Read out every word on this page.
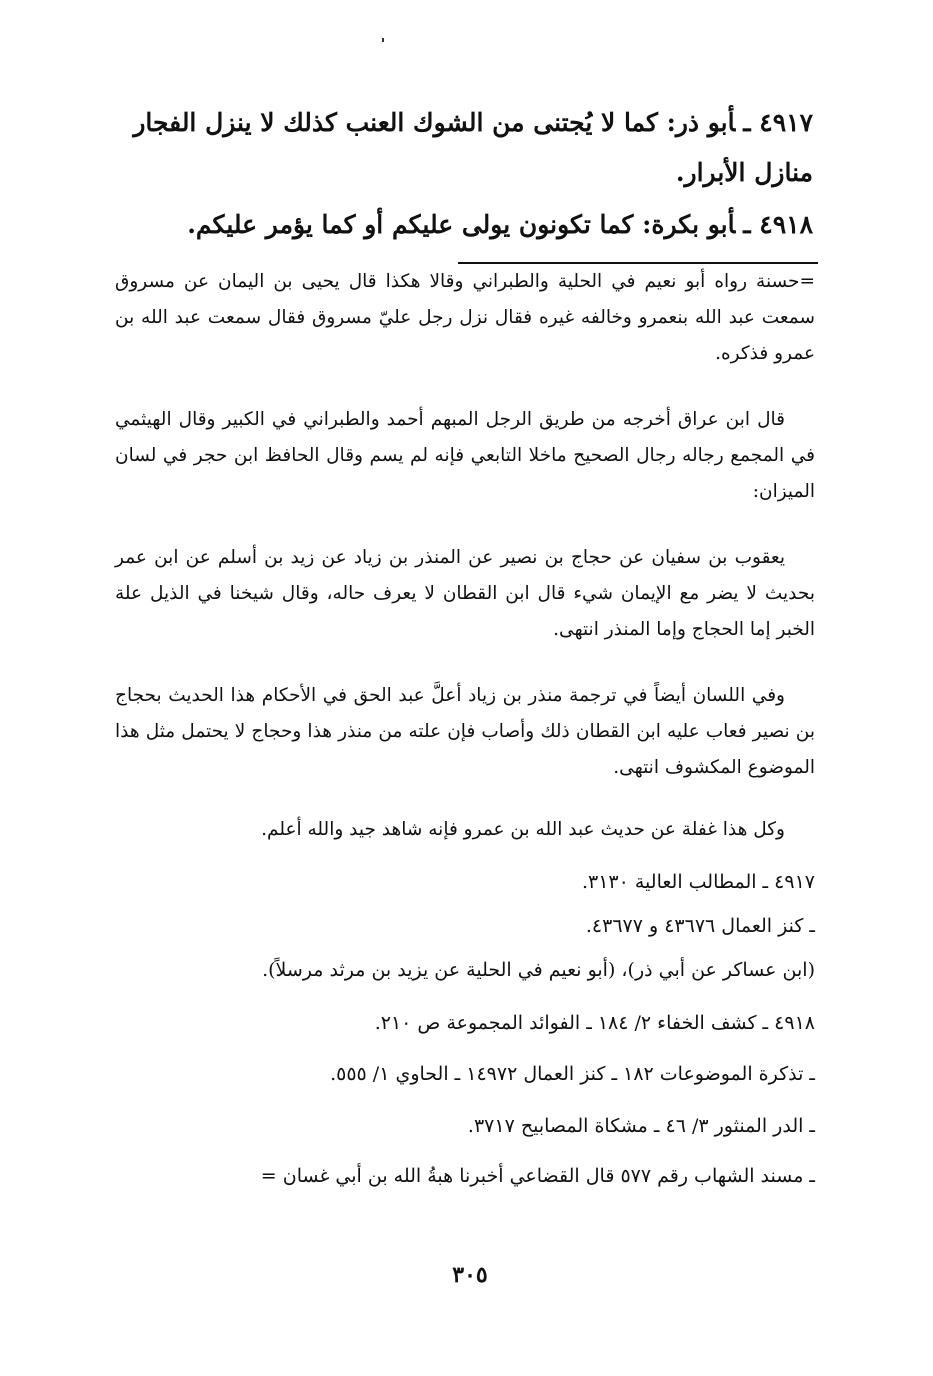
٤٩١٧ ـأبو ذر: كما لا يُجتنى من الشوك العنب كذلك لا ينزل الفجار منازل الأبرار.
٤٩١٨ ـأبو بكرة: كما تكونون يولى عليكم أو كما يؤمر عليكم.

=حسنة رواه أبو نعيم في الحلية والطبراني وقالا هكذا قال يحيى بن اليمان عن مسروق سمعت عبد الله بنعمرو وخالفه غيره فقال نزل رجل عليّ مسروق فقال سمعت عبد الله بن عمرو فذكره.

قال ابن عراق أخرجه من طريق الرجل المبهم أحمد والطبراني في الكبير وقال الهيثمي في المجمع رجاله رجال الصحيح ماخلا التابعي فإنه لم يسم وقال الحافظ ابن حجر في لسان الميزان:

يعقوب بن سفيان عن حجاج بن نصير عن المنذر بن زياد عن زيد بن أسلم عن ابن عمر بحديث لا يضر مع الإيمان شيء قال ابن القطان لا يعرف حاله، وقال شيخنا في الذيل علة الخبر إما الحجاج وإما المنذر انتهى.

وفي اللسان أيضاً في ترجمة منذر بن زياد أعلَّ عبد الحق في الأحكام هذا الحديث بحجاج بن نصير فعاب عليه ابن القطان ذلك وأصاب فإن علته من منذر هذا وحجاج لا يحتمل مثل هذا الموضوع المكشوف انتهى.

وكل هذا غفلة عن حديث عبد الله بن عمرو فإنه شاهد جيد والله أعلم.

٤٩١٧ ـ المطالب العالية ٣١٣٠.
ـ كنز العمال ٤٣٦٧٦ و ٤٣٦٧٧.
(ابن عساكر عن أبي ذر)، (أبو نعيم في الحلية عن يزيد بن مرثد مرسلاً).
٤٩١٨ ـ كشف الخفاء ٢/ ١٨٤ ـ الفوائد المجموعة ص ٢١٠.
ـ تذكرة الموضوعات ١٨٢ ـ كنز العمال ١٤٩٧٢ ـ الحاوي ١/ ٥٥٥.
ـ الدر المنثور ٣/ ٤٦ ـ مشكاة المصابيح ٣٧١٧.
ـ مسند الشهاب رقم ٥٧٧ قال القضاعي أخبرنا هبةُ الله بن أبي غسان =
٣٠٥
